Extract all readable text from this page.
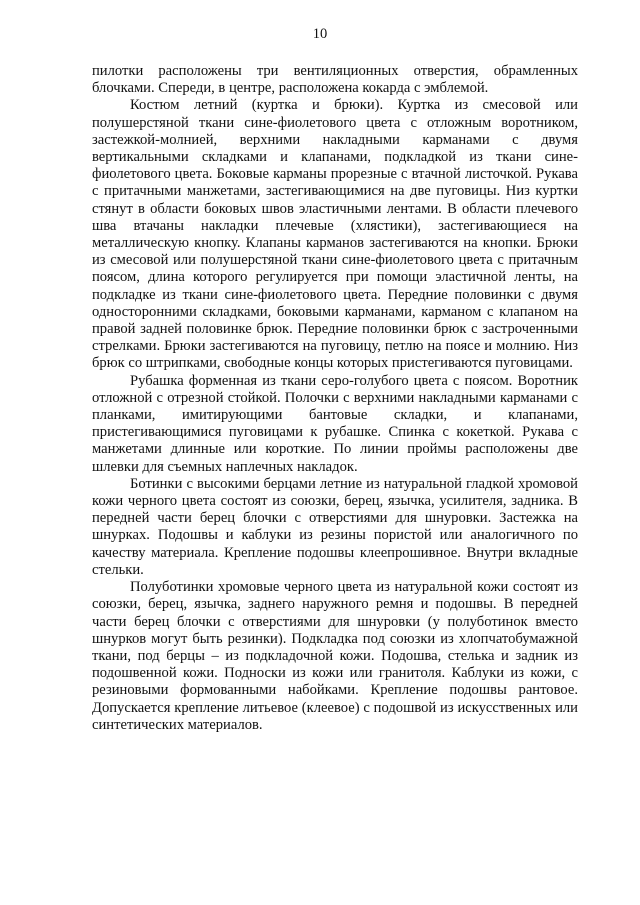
10

пилотки расположены три вентиляционных отверстия, обрамленных блочками. Спереди, в центре, расположена кокарда с эмблемой.

Костюм летний (куртка и брюки). Куртка из смесовой или полушерстяной ткани сине-фиолетового цвета с отложным воротником, застежкой-молнией, верхними накладными карманами с двумя вертикальными складками и клапанами, подкладкой из ткани сине-фиолетового цвета. Боковые карманы прорезные с втачной листочкой. Рукава с притачными манжетами, застегивающимися на две пуговицы. Низ куртки стянут в области боковых швов эластичными лентами. В области плечевого шва втачаны накладки плечевые (хлястики), застегивающиеся на металлическую кнопку. Клапаны карманов застегиваются на кнопки. Брюки из смесовой или полушерстяной ткани сине-фиолетового цвета с притачным поясом, длина которого регулируется при помощи эластичной ленты, на подкладке из ткани сине-фиолетового цвета. Передние половинки с двумя односторонними складками, боковыми карманами, карманом с клапаном на правой задней половинке брюк. Передние половинки брюк с застроченными стрелками. Брюки застегиваются на пуговицу, петлю на поясе и молнию. Низ брюк со штрипками, свободные концы которых пристегиваются пуговицами.

Рубашка форменная из ткани серо-голубого цвета с поясом. Воротник отложной с отрезной стойкой. Полочки с верхними накладными карманами с планками, имитирующими бантовые складки, и клапанами, пристегивающимися пуговицами к рубашке. Спинка с кокеткой. Рукава с манжетами длинные или короткие. По линии проймы расположены две шлевки для съемных наплечных накладок.

Ботинки с высокими берцами летние из натуральной гладкой хромовой кожи черного цвета состоят из союзки, берец, язычка, усилителя, задника. В передней части берец блочки с отверстиями для шнуровки. Застежка на шнурках. Подошвы и каблуки из резины пористой или аналогичного по качеству материала. Крепление подошвы клеепрошивное. Внутри вкладные стельки.

Полуботинки хромовые черного цвета из натуральной кожи состоят из союзки, берец, язычка, заднего наружного ремня и подошвы. В передней части берец блочки с отверстиями для шнуровки (у полуботинок вместо шнурков могут быть резинки). Подкладка под союзки из хлопчатобумажной ткани, под берцы – из подкладочной кожи. Подошва, стелька и задник из подошвенной кожи. Подноски из кожи или гранитоля. Каблуки из кожи, с резиновыми формованными набойками. Крепление подошвы рантовое. Допускается крепление литьевое (клеевое) с подошвой из искусственных или синтетических материалов.
